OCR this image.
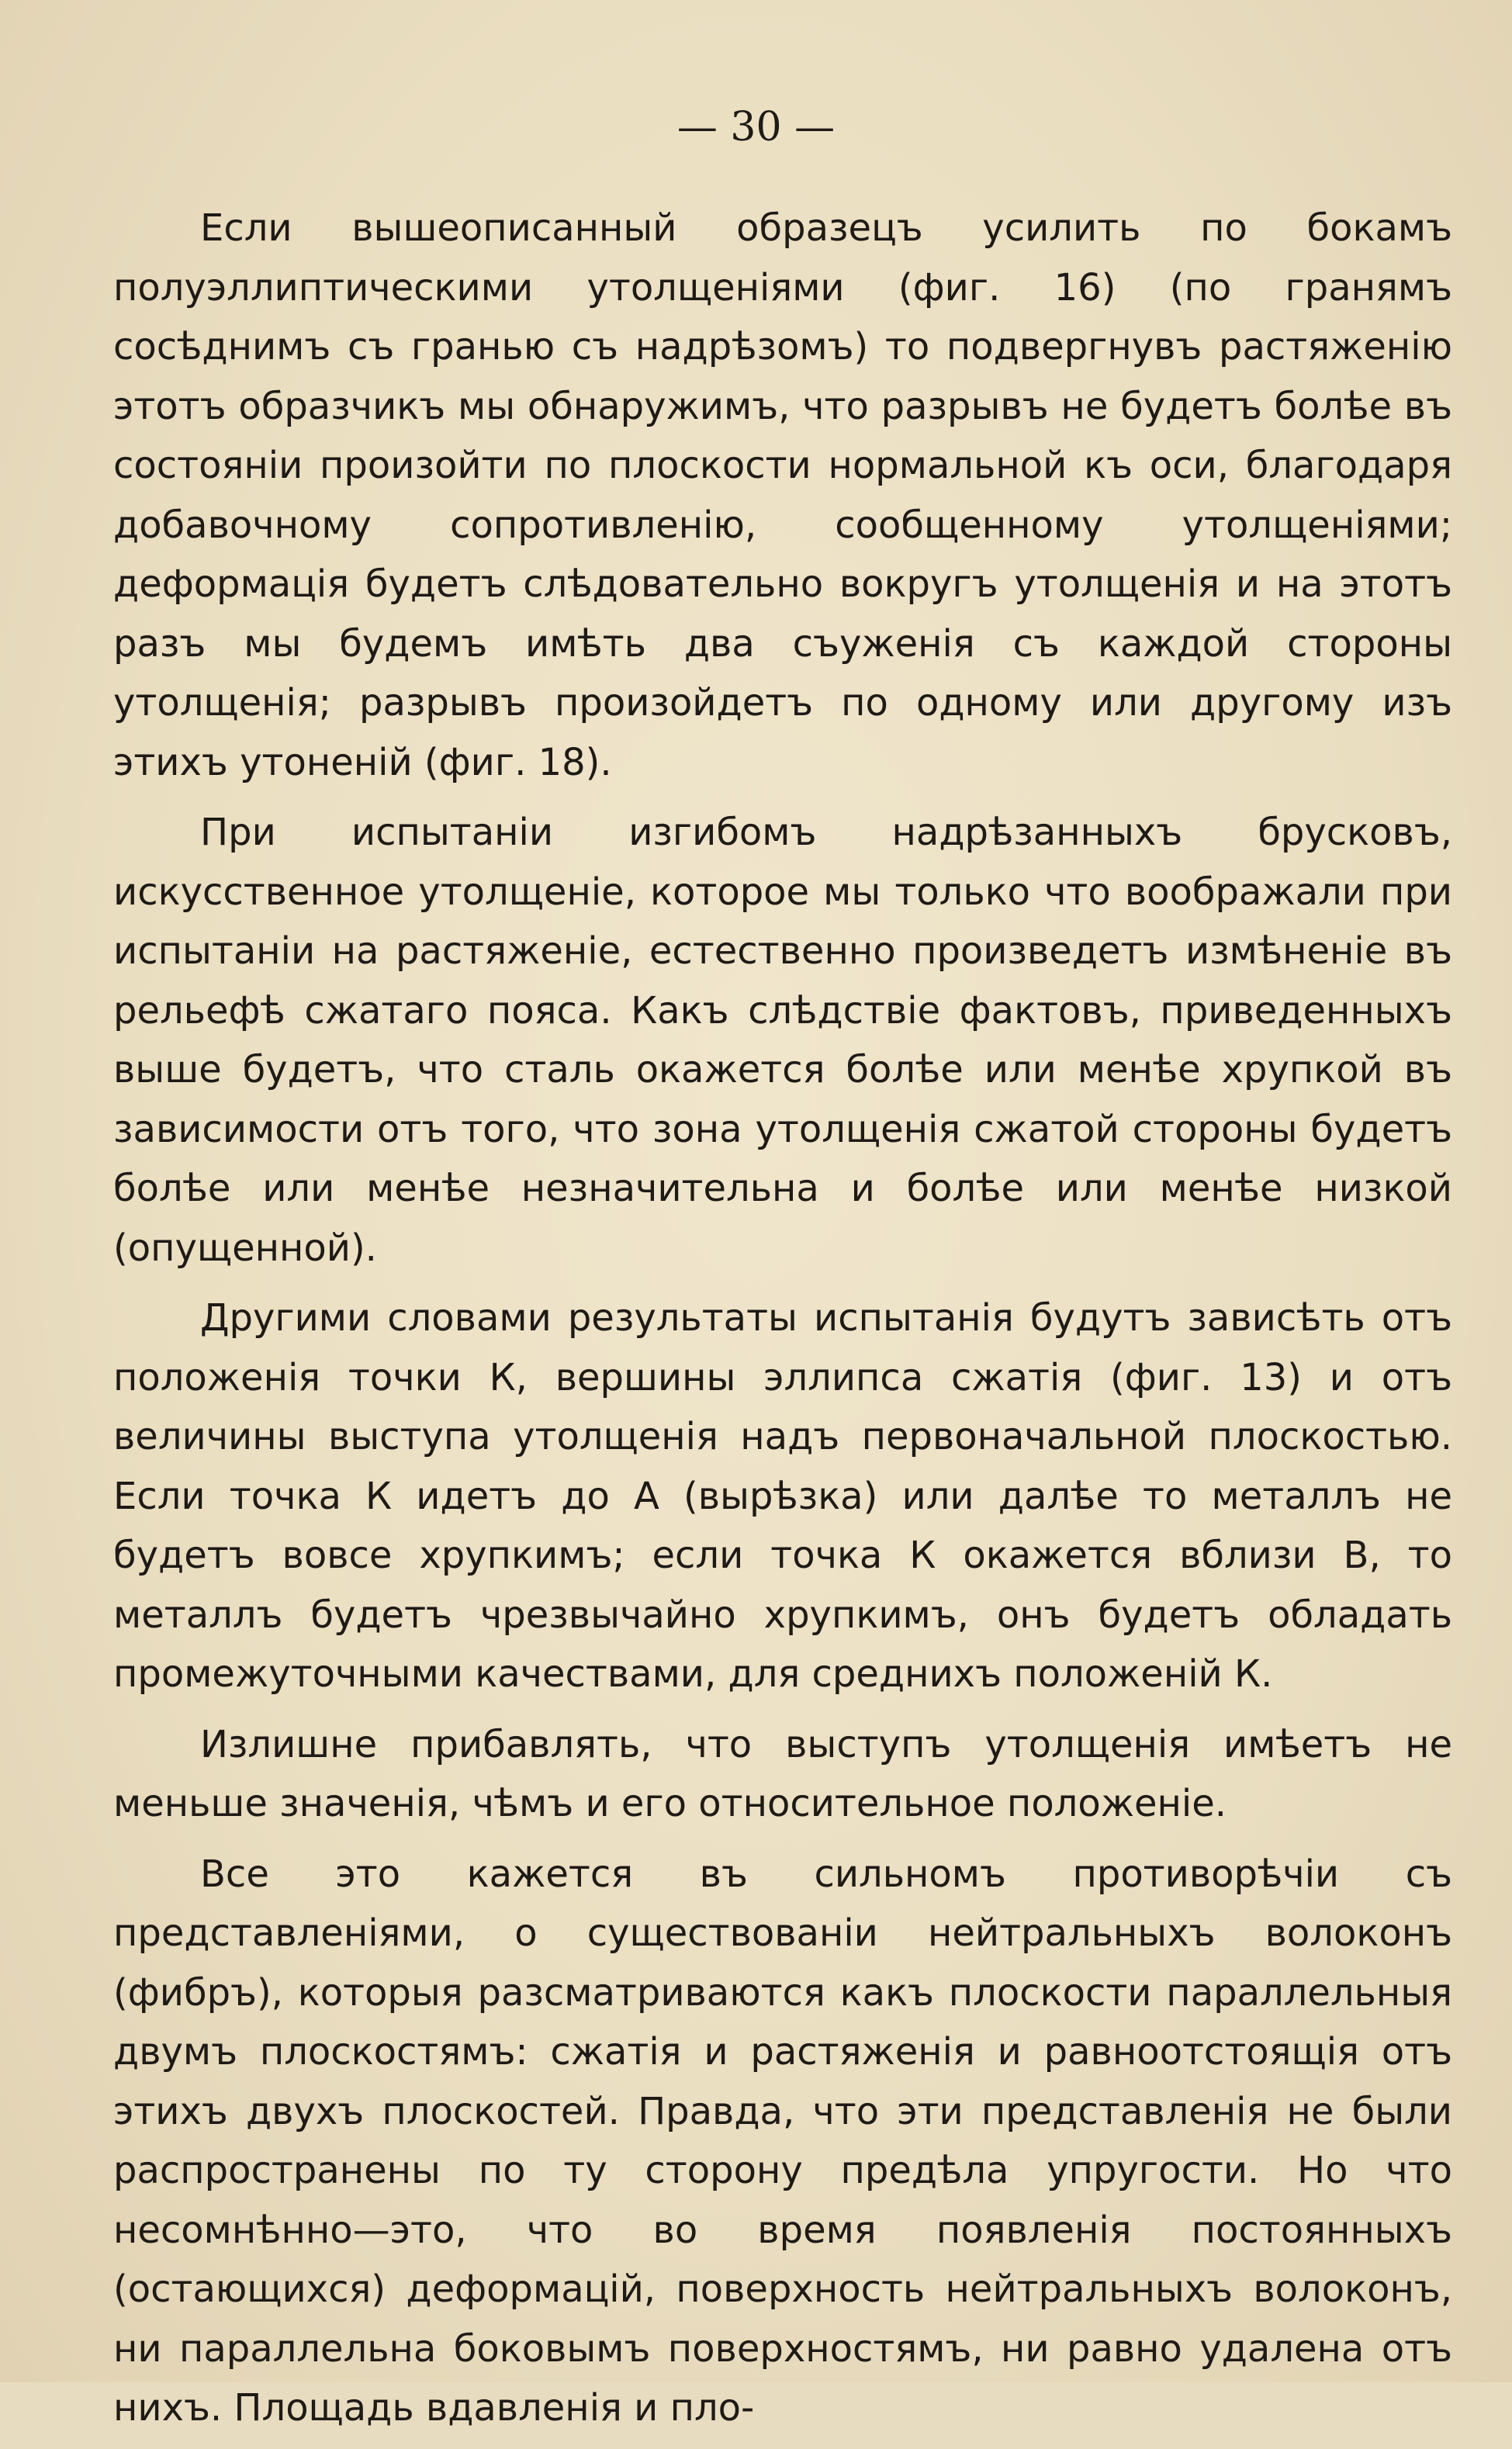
— 30 —

Если вышеописанный образецъ усилить по бокамъ полуэллиптическими утолщенiями (фиг. 16) (по гранямъ сосѣднимъ съ гранью съ надрѣзомъ) то подвергнувъ растяженiю этотъ образчикъ мы обнаружимъ, что разрывъ не будетъ болѣе въ состоянiи произойти по плоскости нормальной къ оси, благодаря добавочному сопротивленiю, сообщенному утолщенiями; деформацiя будетъ слѣдовательно вокругъ утолщенiя и на этотъ разъ мы будемъ имѣть два съуженiя съ каждой стороны утолщенiя; разрывъ произойдетъ по одному или другому изъ этихъ утоненiй (фиг. 18).

При испытанiи изгибомъ надрѣзанныхъ брусковъ, искусственное утолщенiе, которое мы только что воображали при испытанiи на растяженiе, естественно произведетъ измѣненiе въ рельефѣ сжатаго пояса. Какъ слѣдствiе фактовъ, приведенныхъ выше будетъ, что сталь окажется болѣе или менѣе хрупкой въ зависимости отъ того, что зона утолщенiя сжатой стороны будетъ болѣе или менѣе незначительна и болѣе или менѣе низкой (опущенной).

Другими словами результаты испытанiя будутъ зависѣть отъ положенiя точки К, вершины эллипса сжатiя (фиг. 13) и отъ величины выступа утолщенiя надъ первоначальной плоскостью. Если точка К идетъ до А (вырѣзка) или далѣе то металлъ не будетъ вовсе хрупкимъ; если точка К окажется вблизи В, то металлъ будетъ чрезвычайно хрупкимъ, онъ будетъ обладать промежуточными качествами, для среднихъ положенiй К.

Излишне прибавлять, что выступъ утолщенiя имѣетъ не меньше значенiя, чѣмъ и его относительное положенiе.

Все это кажется въ сильномъ противорѣчiи съ представленiями, о существованiи нейтральныхъ волоконъ (фибръ), которыя разсматриваются какъ плоскости параллельныя двумъ плоскостямъ: сжатiя и растяженiя и равноотстоящiя отъ этихъ двухъ плоскостей. Правда, что эти представленiя не были распространены по ту сторону предѣла упругости. Но что несомнѣнно—это, что во время появленiя постоянныхъ (остающихся) деформацiй, поверхность нейтральныхъ волоконъ, ни параллельна боковымъ поверхностямъ, ни равно удалена отъ нихъ. Площадь вдавленiя и пло-
